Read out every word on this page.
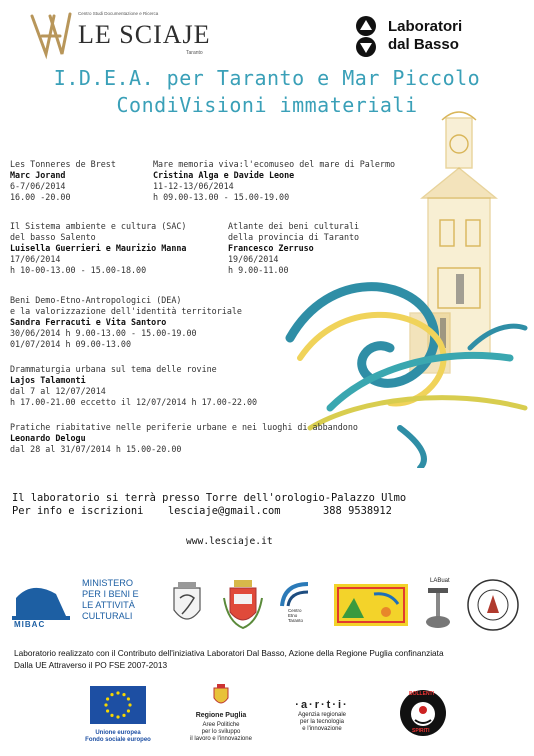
Centro Studi Documentazione e Ricerca
LE SCIAJE
Taranto
Laboratori
dal Basso
I.D.E.A. per Taranto e Mar Piccolo
CondiVisioni immateriali
Les Tonneres de Brest
Marc Jorand
6-7/06/2014
16.00 -20.00
Mare memoria viva:l'ecomuseo del mare di Palermo
Cristina Alga e Davide Leone
11-12-13/06/2014
h 09.00-13.00 - 15.00-19.00
Il Sistema ambiente e cultura (SAC)
del basso Salento
Luisella Guerrieri e Maurizio Manna
17/06/2014
h 10-00-13.00 - 15.00-18.00
Atlante dei beni culturali
della provincia di Taranto
Francesco Zerruso
19/06/2014
h 9.00-11.00
Beni Demo-Etno-Antropologici (DEA)
e la valorizzazione dell'identità territoriale
Sandra Ferracuti e Vita Santoro
30/06/2014 h 9.00-13.00 - 15.00-19.00
01/07/2014 h 09.00-13.00
Drammaturgia urbana sul tema delle rovine
Lajos Talamonti
dal 7 al 12/07/2014
h 17.00-21.00 eccetto il 12/07/2014 h 17.00-22.00
Pratiche riabitative nelle periferie urbane e nei luoghi di abbandono
Leonardo Delogu
dal 28 al 31/07/2014 h 15.00-20.00
Il laboratorio si terrà presso Torre dell'orologio-Palazzo Ulmo
Per info e iscrizioni lesciaje@gmail.com	388 9538912
www.lesciaje.it
MIBAC
MINISTERO
PER I BENI E
LE ATTIVITÀ
CULTURALI
Centro
Etno
Taranto
LABuat
Laboratorio realizzato con il Contributo dell'iniziativa Laboratori Dal Basso, Azione della Regione Puglia confinanziata
Dalla UE Attraverso il PO FSE 2007-2013
Unione europea
Fondo sociale europeo
Regione Puglia
Aree Politiche
per lo sviluppo
il lavoro e l'innovazione
·a·r·t·i·
Agenzia regionale
per la tecnologia
e l'innovazione
BOLLENTI
SPIRITI
